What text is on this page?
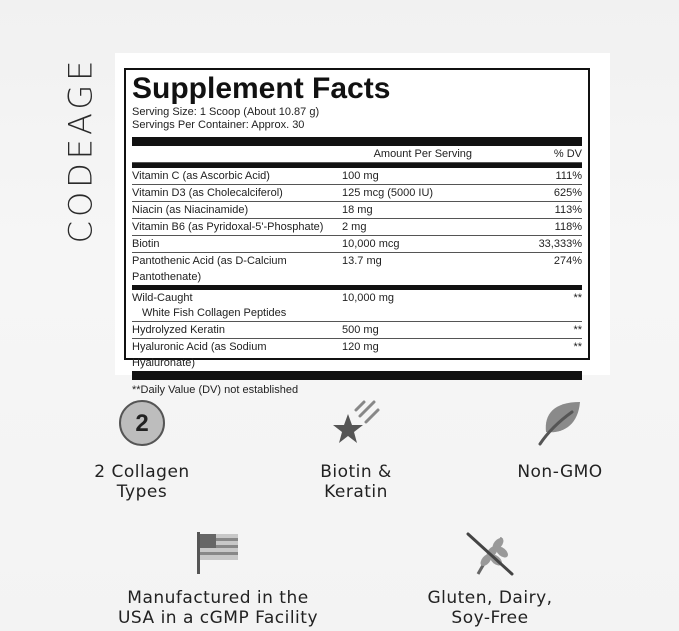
CODEAGE Supplement Facts
Serving Size: 1 Scoop (About 10.87 g)
Servings Per Container: Approx. 30
Amount Per Serving	% DV
Vitamin C (as Ascorbic Acid)	100 mg	111%
Vitamin D3 (as Cholecalciferol)	125 mcg (5000 IU)	625%
Niacin (as Niacinamide)	18 mg	113%
Vitamin B6 (as Pyridoxal-5'-Phosphate)	2 mg	118%
Biotin	10,000 mcg	33,333%
Pantothenic Acid (as D-Calcium Pantothenate)
13.7 mg	274%
Wild-Caught
White Fish Collagen Peptides
10,000 mg	**
Hydrolyzed Keratin	500 mg	**
Hyaluronic Acid (as Sodium Hyaluronate)
120 mg	**
**Daily Value (DV) not established
2
2 Collagen
Types
Biotin &
Keratin
Non-GMO
Manufactured in the
USA in a cGMP Facility
Gluten, Dairy,
Soy-Free
